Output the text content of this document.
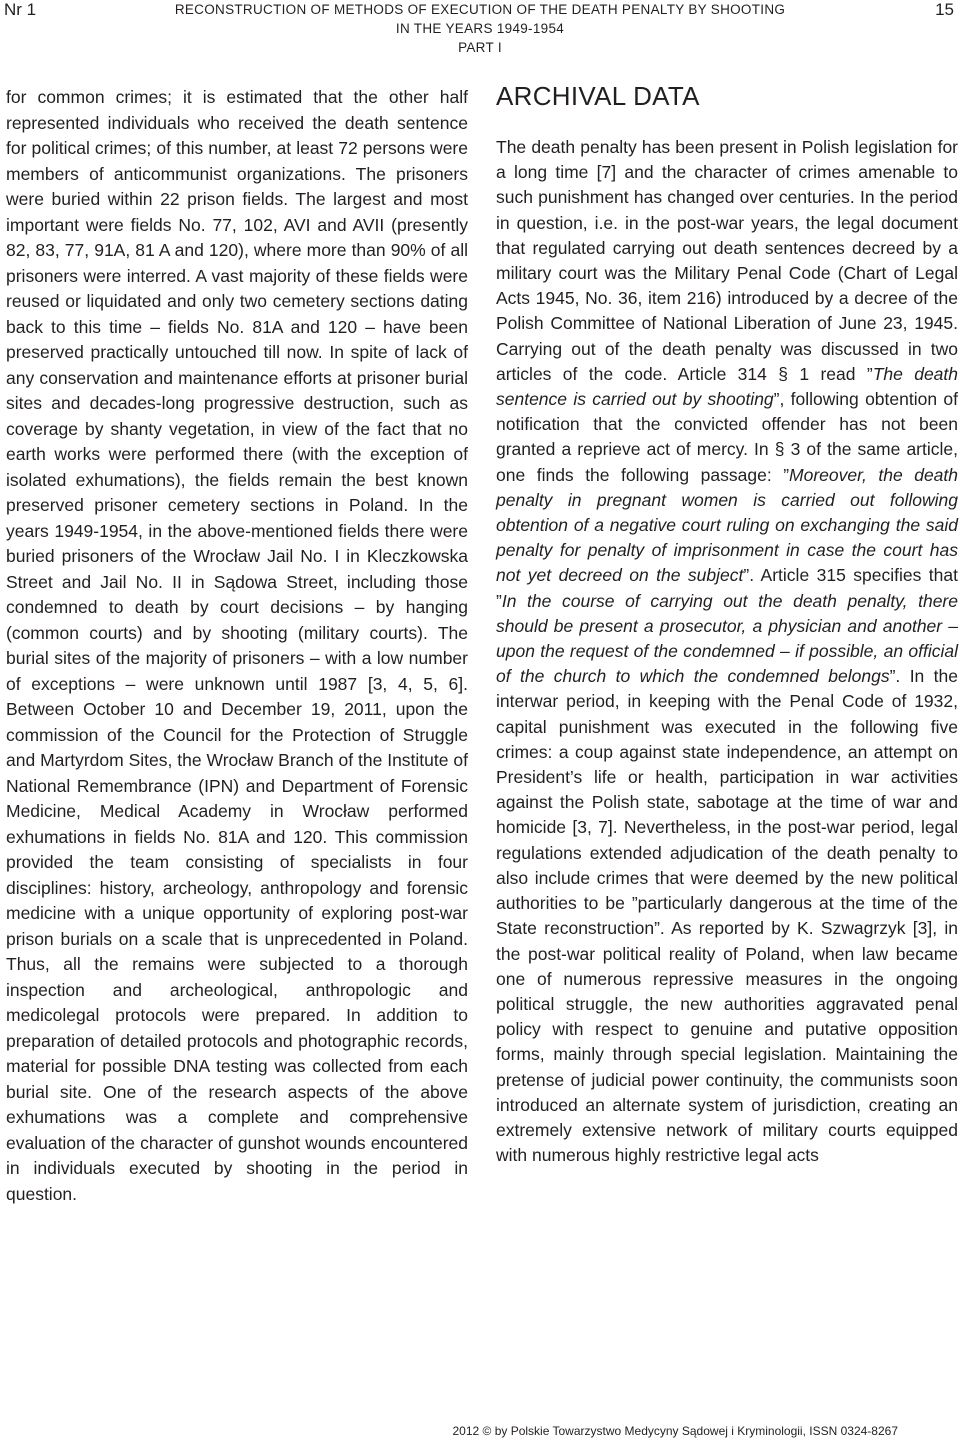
Nr 1	RECONSTRUCTION OF METHODS OF EXECUTION OF THE DEATH PENALTY BY SHOOTING
IN THE YEARS 1949-1954
PART I
15

for common crimes; it is estimated that the other half represented individuals who received the death sentence for political crimes; of this number, at least 72 persons were members of anticommunist organizations. The prisoners were buried within 22 prison fields. The largest and most important were fields No. 77, 102, AVI and AVII (presently 82, 83, 77, 91A, 81 A and 120), where more than 90% of all prisoners were interred. A vast majority of these fields were reused or liquidated and only two cemetery sections dating back to this time – fields No. 81A and 120 – have been preserved practically untouched till now. In spite of lack of any conservation and maintenance efforts at prisoner burial sites and decades-long progressive destruction, such as coverage by shanty vegetation, in view of the fact that no earth works were performed there (with the exception of isolated exhumations), the fields remain the best known preserved prisoner cemetery sections in Poland. In the years 1949-1954, in the above-mentioned fields there were buried prisoners of the Wrocław Jail No. I in Kleczkowska Street and Jail No. II in Sądowa Street, including those condemned to death by court decisions – by hanging (common courts) and by shooting (military courts). The burial sites of the majority of prisoners – with a low number of exceptions – were unknown until 1987 [3, 4, 5, 6]. Between October 10 and December 19, 2011, upon the commission of the Council for the Protection of Struggle and Martyrdom Sites, the Wrocław Branch of the Institute of National Remembrance (IPN) and Department of Forensic Medicine, Medical Academy in Wrocław performed exhumations in fields No. 81A and 120. This commission provided the team consisting of specialists in four disciplines: history, archeology, anthropology and forensic medicine with a unique opportunity of exploring post-war prison burials on a scale that is unprecedented in Poland. Thus, all the remains were subjected to a thorough inspection and archeological, anthropologic and medicolegal protocols were prepared. In addition to preparation of detailed protocols and photographic records, material for possible DNA testing was collected from each burial site. One of the research aspects of the above exhumations was a complete and comprehensive evaluation of the character of gunshot wounds encountered in individuals executed by shooting in the period in question.

ARCHIVAL DATA

The death penalty has been present in Polish legislation for a long time [7] and the character of crimes amenable to such punishment has changed over centuries. In the period in question, i.e. in the post-war years, the legal document that regulated carrying out death sentences decreed by a military court was the Military Penal Code (Chart of Legal Acts 1945, No. 36, item 216) introduced by a decree of the Polish Committee of National Liberation of June 23, 1945. Carrying out of the death penalty was discussed in two articles of the code. Article 314 § 1 read ”The death sentence is carried out by shooting”, following obtention of notification that the convicted offender has not been granted a reprieve act of mercy. In § 3 of the same article, one finds the following passage: ”Moreover, the death penalty in pregnant women is carried out following obtention of a negative court ruling on exchanging the said penalty for penalty of imprisonment in case the court has not yet decreed on the subject”. Article 315 specifies that ”In the course of carrying out the death penalty, there should be present a prosecutor, a physician and another – upon the request of the condemned – if possible, an official of the church to which the condemned belongs”. In the interwar period, in keeping with the Penal Code of 1932, capital punishment was executed in the following five crimes: a coup against state independence, an attempt on President’s life or health, participation in war activities against the Polish state, sabotage at the time of war and homicide [3, 7]. Nevertheless, in the post-war period, legal regulations extended adjudication of the death penalty to also include crimes that were deemed by the new political authorities to be ”particularly dangerous at the time of the State reconstruction”. As reported by K. Szwagrzyk [3], in the post-war political reality of Poland, when law became one of numerous repressive measures in the ongoing political struggle, the new authorities aggravated penal policy with respect to genuine and putative opposition forms, mainly through special legislation. Maintaining the pretense of judicial power continuity, the communists soon introduced an alternate system of jurisdiction, creating an extremely extensive network of military courts equipped with numerous highly restrictive legal acts

2012 © by Polskie Towarzystwo Medycyny Sądowej i Kryminologii, ISSN 0324-8267
